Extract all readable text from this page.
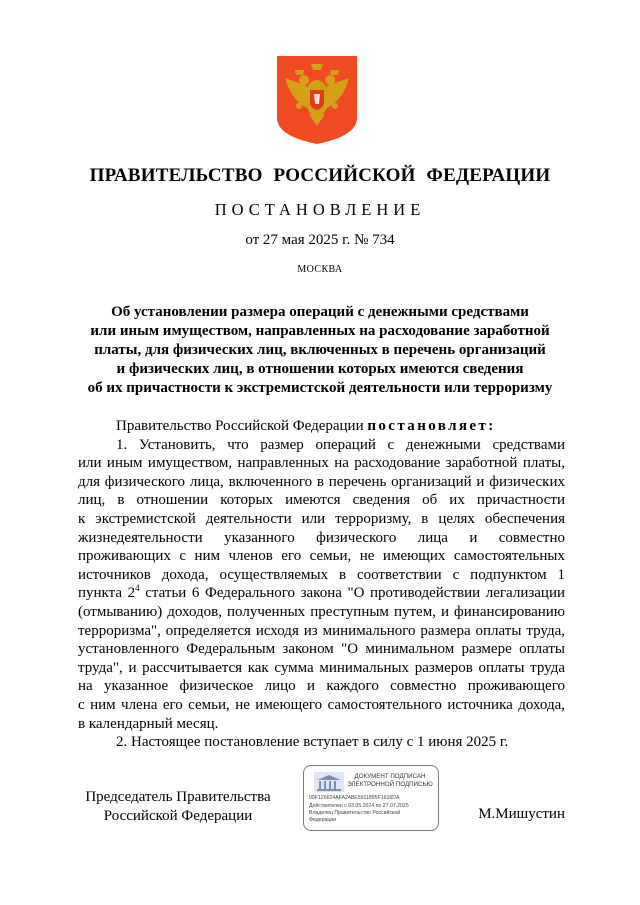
ПРАВИТЕЛЬСТВО РОССИЙСКОЙ ФЕДЕРАЦИИ
ПОСТАНОВЛЕНИЕ
от 27 мая 2025 г. № 734
МОСКВА
Об установлении размера операций с денежными средствами
или иным имуществом, направленных на расходование заработной
платы, для физических лиц, включенных в перечень организаций
и физических лиц, в отношении которых имеются сведения
об их причастности к экстремистской деятельности или терроризму
Правительство Российской Федерации постановляет:
1. Установить, что размер операций с денежными средствами
или иным имуществом, направленных на расходование заработной платы,
для физического лица, включенного в перечень организаций и физических
лиц, в отношении которых имеются сведения об их причастности
к экстремистской деятельности или терроризму, в целях обеспечения
жизнедеятельности указанного физического лица и совместно
проживающих с ним членов его семьи, не имеющих самостоятельных
источников дохода, осуществляемых в соответствии с подпунктом 1
пункта $2^4$ статьи 6 Федерального закона "О противодействии легализации
(отмыванию) доходов, полученных преступным путем, и финансированию
терроризма", определяется исходя из минимального размера оплаты труда,
установленного Федеральным законом "О минимальном размере оплаты
труда", и рассчитывается как сумма минимальных размеров оплаты труда
на указанное физическое лицо и каждого совместно проживающего
с ним члена его семьи, не имеющего самостоятельного источника дохода,
в календарный месяц.
2. Настоящее постановление вступает в силу с 1 июня 2025 г.
Председатель Правительства
Российской Федерации
ДОКУМЕНТ ПОДПИСАН
ЭЛЕКТРОННОЙ ПОДПИСЬЮ
00F126624AFA24BE5911895F1616DA
Действителен с 03.05.2024 по 27.07.2025
Владелец Правительство Российской
Федерации	М.Мишустин
